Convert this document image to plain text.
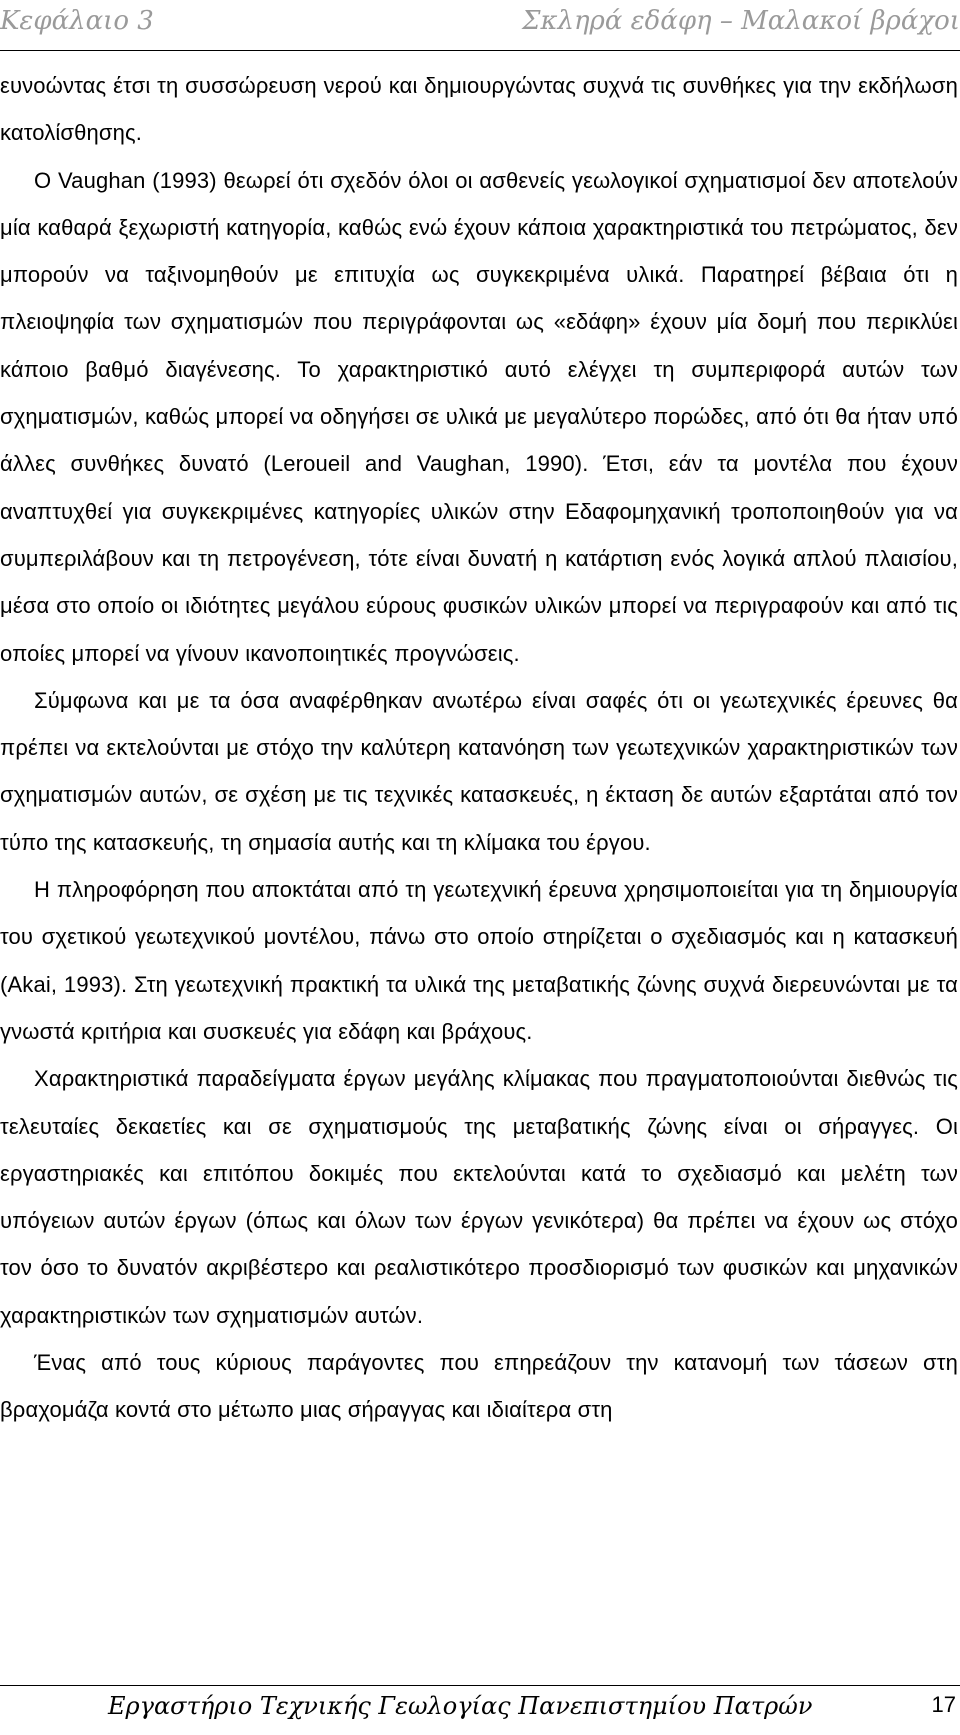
Κεφάλαιο 3	Σκληρά εδάφη – Μαλακοί βράχοι

ευνοώντας έτσι τη συσσώρευση νερού και δημιουργώντας συχνά τις συνθήκες για την εκδήλωση κατολίσθησης.

Ο Vaughan (1993) θεωρεί ότι σχεδόν όλοι οι ασθενείς γεωλογικοί σχηματισμοί δεν αποτελούν μία καθαρά ξεχωριστή κατηγορία, καθώς ενώ έχουν κάποια χαρακτηριστικά του πετρώματος, δεν μπορούν να ταξινομηθούν με επιτυχία ως συγκεκριμένα υλικά. Παρατηρεί βέβαια ότι η πλειοψηφία των σχηματισμών που περιγράφονται ως «εδάφη» έχουν μία δομή που περικλύει κάποιο βαθμό διαγένεσης. Το χαρακτηριστικό αυτό ελέγχει τη συμπεριφορά αυτών των σχηματισμών, καθώς μπορεί να οδηγήσει σε υλικά με μεγαλύτερο πορώδες, από ότι θα ήταν υπό άλλες συνθήκες δυνατό (Leroueil and Vaughan, 1990). Έτσι, εάν τα μοντέλα που έχουν αναπτυχθεί για συγκεκριμένες κατηγορίες υλικών στην Εδαφομηχανική τροποποιηθούν για να συμπεριλάβουν και τη πετρογένεση, τότε είναι δυνατή η κατάρτιση ενός λογικά απλού πλαισίου, μέσα στο οποίο οι ιδιότητες μεγάλου εύρους φυσικών υλικών μπορεί να περιγραφούν και από τις οποίες μπορεί να γίνουν ικανοποιητικές προγνώσεις.

Σύμφωνα και με τα όσα αναφέρθηκαν ανωτέρω είναι σαφές ότι οι γεωτεχνικές έρευνες θα πρέπει να εκτελούνται με στόχο την καλύτερη κατανόηση των γεωτεχνικών χαρακτηριστικών των σχηματισμών αυτών, σε σχέση με τις τεχνικές κατασκευές, η έκταση δε αυτών εξαρτάται από τον τύπο της κατασκευής, τη σημασία αυτής και τη κλίμακα του έργου.

Η πληροφόρηση που αποκτάται από τη γεωτεχνική έρευνα χρησιμοποιείται για τη δημιουργία του σχετικού γεωτεχνικού μοντέλου, πάνω στο οποίο στηρίζεται ο σχεδιασμός και η κατασκευή (Akai, 1993). Στη γεωτεχνική πρακτική τα υλικά της μεταβατικής ζώνης συχνά διερευνώνται με τα γνωστά κριτήρια και συσκευές για εδάφη και βράχους.

Χαρακτηριστικά παραδείγματα έργων μεγάλης κλίμακας που πραγματοποιούνται διεθνώς τις τελευταίες δεκαετίες και σε σχηματισμούς της μεταβατικής ζώνης είναι οι σήραγγες. Οι εργαστηριακές και επιτόπου δοκιμές που εκτελούνται κατά το σχεδιασμό και μελέτη των υπόγειων αυτών έργων (όπως και όλων των έργων γενικότερα) θα πρέπει να έχουν ως στόχο τον όσο το δυνατόν ακριβέστερο και ρεαλιστικότερο προσδιορισμό των φυσικών και μηχανικών χαρακτηριστικών των σχηματισμών αυτών.

Ένας από τους κύριους παράγοντες που επηρεάζουν την κατανομή των τάσεων στη βραχομάζα κοντά στο μέτωπο μιας σήραγγας και ιδιαίτερα στη

Εργαστήριο Τεχνικής Γεωλογίας Πανεπιστημίου Πατρών	17
